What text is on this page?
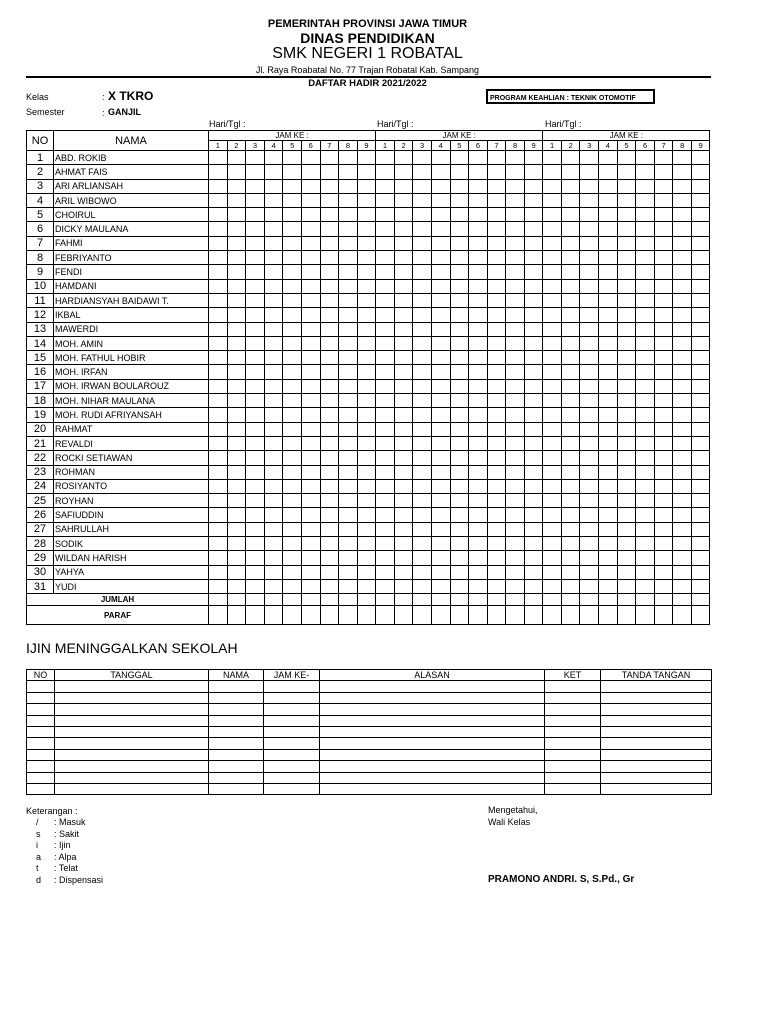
PEMERINTAH PROVINSI JAWA TIMUR
DINAS PENDIDIKAN
SMK NEGERI 1 ROBATAL
Jl. Raya Roabatal No. 77 Trajan Robatal Kab. Sampang
DAFTAR HADIR 2021/2022
Kelas	: X TKRO
Semester	: GANJIL
PROGRAM KEAHLIAN : TEKNIK OTOMOTIF
Hari/Tgl :	Hari/Tgl :	Hari/Tgl :
NO	NAMA	JAM KE :									JAM KE :									JAM KE :								
		1	2	3	4	5	6	7	8	9	1	2	3	4	5	6	7	8	9	1	2	3	4	5	6	7	8	9
1	ABD. ROKIB																											
2	AHMAT FAIS																											
3	ARI ARLIANSAH																											
4	ARIL WIBOWO																											
5	CHOIRUL																											
6	DICKY MAULANA																											
7	FAHMI																											
8	FEBRIYANTO																											
9	FENDI																											
10	HAMDANI																											
11	HARDIANSYAH BAIDAWI T.																											
12	IKBAL																											
13	MAWERDI																											
14	MOH. AMIN																											
15	MOH. FATHUL HOBIR																											
16	MOH. IRFAN																											
17	MOH. IRWAN BOULAROUZ																											
18	MOH. NIHAR MAULANA																											
19	MOH. RUDI AFRIYANSAH																											
20	RAHMAT																											
21	REVALDI																											
22	ROCKI SETIAWAN																											
23	ROHMAN																											
24	ROSIYANTO																											
25	ROYHAN																											
26	SAFIUDDIN																											
27	SAHRULLAH																											
28	SODIK																											
29	WILDAN HARISH																											
30	YAHYA																											
31	YUDI																											
JUMLAH																												
PARAF																												
IJIN MENINGGALKAN SEKOLAH
NO	TANGGAL	NAMA	JAM KE-	ALASAN	KET	TANDA TANGAN

Keterangan :
/ : Masuk
s : Sakit
i : Ijin
a : Alpa
t : Telat
d : Dispensasi
Mengetahui,
Wali Kelas
PRAMONO ANDRI. S, S.Pd., Gr
